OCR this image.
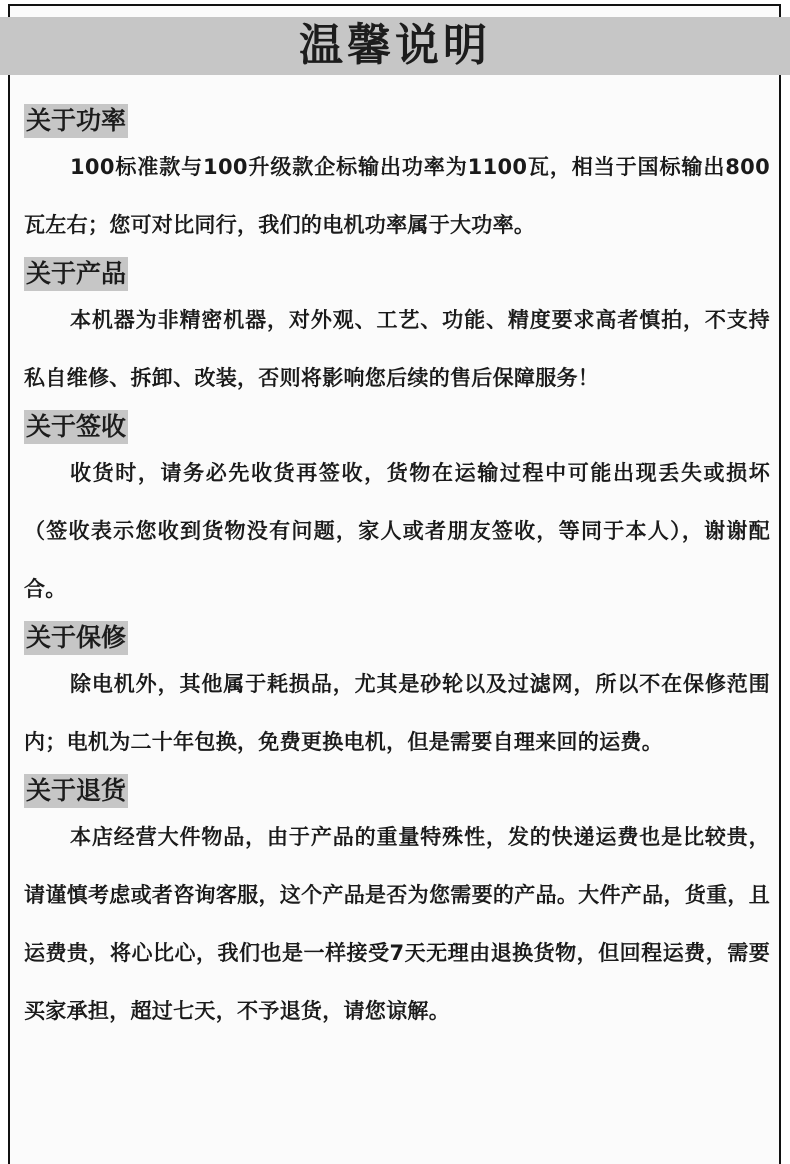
温馨说明
关于功率

100标准款与100升级款企标输出功率为1100瓦，相当于国标输出800瓦左右；您可对比同行，我们的电机功率属于大功率。

关于产品

本机器为非精密机器，对外观、工艺、功能、精度要求高者慎拍，不支持私自维修、拆卸、改装，否则将影响您后续的售后保障服务！

关于签收

收货时，请务必先收货再签收，货物在运输过程中可能出现丢失或损坏（签收表示您收到货物没有问题，家人或者朋友签收，等同于本人），谢谢配合。

关于保修

除电机外，其他属于耗损品，尤其是砂轮以及过滤网，所以不在保修范围内；电机为二十年包换，免费更换电机，但是需要自理来回的运费。

关于退货

本店经营大件物品，由于产品的重量特殊性，发的快递运费也是比较贵，请谨慎考虑或者咨询客服，这个产品是否为您需要的产品。大件产品，货重，且运费贵，将心比心，我们也是一样接受7天无理由退换货物，但回程运费，需要买家承担，超过七天，不予退货，请您谅解。
